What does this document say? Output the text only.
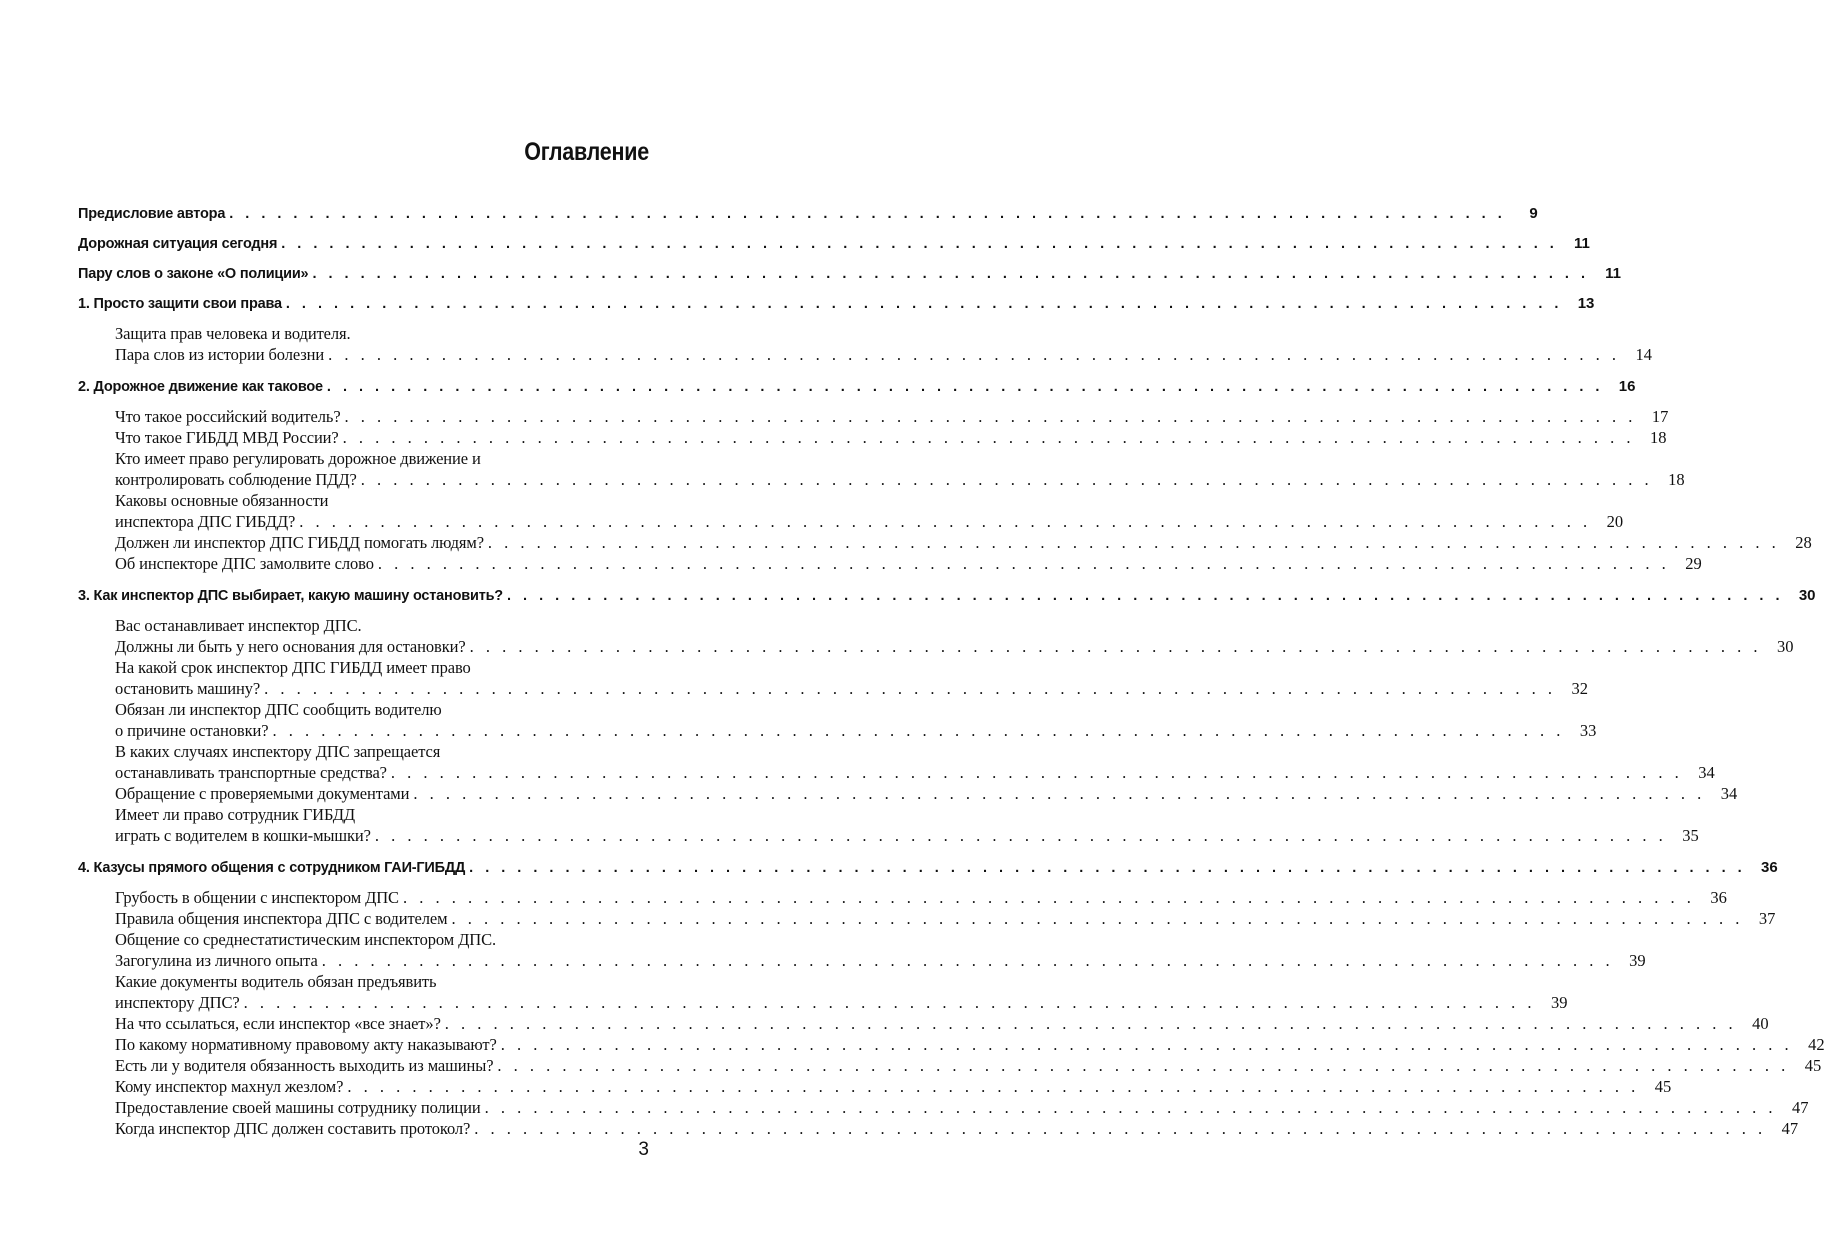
Оглавление
Предисловие автора . . . . . . . . . . . . . . . . . . . . . . . . . . . . . . . . . . . . . . . . . . . . . . . . . . . . . . . . . . . . . . . . . . . . . . . . . . . . . . . .	9
Дорожная ситуация сегодня . . . . . . . . . . . . . . . . . . . . . . . . . . . . . . . . . . . . . . . . . . . . . . . . . . . . . . . . . . . . . . . . . . . . . . . . . . . . . . . .	11
Пару слов о законе «О полиции» . . . . . . . . . . . . . . . . . . . . . . . . . . . . . . . . . . . . . . . . . . . . . . . . . . . . . . . . . . . . . . . . . . . . . . . . . . . . . . . .	11
1. Просто защити свои права . . . . . . . . . . . . . . . . . . . . . . . . . . . . . . . . . . . . . . . . . . . . . . . . . . . . . . . . . . . . . . . . . . . . . . . . . . . . . . . .	13
Защита прав человека и водителя.
Пара слов из истории болезни . . . . . . . . . . . . . . . . . . . . . . . . . . . . . . . . . . . . . . . . . . . . . . . . . . . . . . . . . . . . . . . . . . . . . . . . . . . . . . . . 14
2. Дорожное движение как таковое . . . . . . . . . . . . . . . . . . . . . . . . . . . . . . . . . . . . . . . . . . . . . . . . . . . . . . . . . . . . . . . . . . . . . . . . . . . . . . . .	16
Что такое российский водитель? . . . . . . . . . . . . . . . . . . . . . . . . . . . . . . . . . . . . . . . . . . . . . . . . . . . . . . . . . . . . . . . . . . . . . . . . . . . . . . . . 17
Что такое ГИБДД МВД России? . . . . . . . . . . . . . . . . . . . . . . . . . . . . . . . . . . . . . . . . . . . . . . . . . . . . . . . . . . . . . . . . . . . . . . . . . . . . . . . . 18
Кто имеет право регулировать дорожное движение и
контролировать соблюдение ПДД? . . . . . . . . . . . . . . . . . . . . . . . . . . . . . . . . . . . . . . . . . . . . . . . . . . . . . . . . . . . . . . . . . . . . . . . . . . . . . . . . 18
Каковы основные обязанности
инспектора ДПС ГИБДД? . . . . . . . . . . . . . . . . . . . . . . . . . . . . . . . . . . . . . . . . . . . . . . . . . . . . . . . . . . . . . . . . . . . . . . . . . . . . . . . . 20
Должен ли инспектор ДПС ГИБДД помогать людям? . . . . . . . . . . . . . . . . . . . . . . . . . . . . . . . . . . . . . . . . . . . . . . . . . . . . . . . . . . . . . . . . . . . . . . . . . . . . . . . . 28
Об инспекторе ДПС замолвите слово . . . . . . . . . . . . . . . . . . . . . . . . . . . . . . . . . . . . . . . . . . . . . . . . . . . . . . . . . . . . . . . . . . . . . . . . . . . . . . . . 29
3. Как инспектор ДПС выбирает, какую машину остановить? . . . . . . . . . . . . . . . . . . . . . . . . . . . . . . . . . . . . . . . . . . . . . . . . . . . . . . . . . . . . . . . . . . . . . . . . . . . . . . . .	30
Вас останавливает инспектор ДПС.
Должны ли быть у него основания для остановки? . . . . . . . . . . . . . . . . . . . . . . . . . . . . . . . . . . . . . . . . . . . . . . . . . . . . . . . . . . . . . . . . . . . . . . . . . . . . . . . . 30
На какой срок инспектор ДПС ГИБДД имеет право
остановить машину? . . . . . . . . . . . . . . . . . . . . . . . . . . . . . . . . . . . . . . . . . . . . . . . . . . . . . . . . . . . . . . . . . . . . . . . . . . . . . . . . 32
Обязан ли инспектор ДПС сообщить водителю
о причине остановки? . . . . . . . . . . . . . . . . . . . . . . . . . . . . . . . . . . . . . . . . . . . . . . . . . . . . . . . . . . . . . . . . . . . . . . . . . . . . . . . . 33
В каких случаях инспектору ДПС запрещается
останавливать транспортные средства? . . . . . . . . . . . . . . . . . . . . . . . . . . . . . . . . . . . . . . . . . . . . . . . . . . . . . . . . . . . . . . . . . . . . . . . . . . . . . . . . 34
Обращение с проверяемыми документами . . . . . . . . . . . . . . . . . . . . . . . . . . . . . . . . . . . . . . . . . . . . . . . . . . . . . . . . . . . . . . . . . . . . . . . . . . . . . . . . 34
Имеет ли право сотрудник ГИБДД
играть с водителем в кошки-мышки? . . . . . . . . . . . . . . . . . . . . . . . . . . . . . . . . . . . . . . . . . . . . . . . . . . . . . . . . . . . . . . . . . . . . . . . . . . . . . . . . 35
4. Казусы прямого общения с сотрудником ГАИ-ГИБДД . . . . . . . . . . . . . . . . . . . . . . . . . . . . . . . . . . . . . . . . . . . . . . . . . . . . . . . . . . . . . . . . . . . . . . . . . . . . . . . .	36
Грубость в общении с инспектором ДПС . . . . . . . . . . . . . . . . . . . . . . . . . . . . . . . . . . . . . . . . . . . . . . . . . . . . . . . . . . . . . . . . . . . . . . . . . . . . . . . . 36
Правила общения инспектора ДПС с водителем . . . . . . . . . . . . . . . . . . . . . . . . . . . . . . . . . . . . . . . . . . . . . . . . . . . . . . . . . . . . . . . . . . . . . . . . . . . . . . . . 37
Общение со среднестатистическим инспектором ДПС.
Загогулина из личного опыта . . . . . . . . . . . . . . . . . . . . . . . . . . . . . . . . . . . . . . . . . . . . . . . . . . . . . . . . . . . . . . . . . . . . . . . . . . . . . . . . 39
Какие документы водитель обязан предъявить
инспектору ДПС? . . . . . . . . . . . . . . . . . . . . . . . . . . . . . . . . . . . . . . . . . . . . . . . . . . . . . . . . . . . . . . . . . . . . . . . . . . . . . . . . 39
На что ссылаться, если инспектор «все знает»? . . . . . . . . . . . . . . . . . . . . . . . . . . . . . . . . . . . . . . . . . . . . . . . . . . . . . . . . . . . . . . . . . . . . . . . . . . . . . . . . 40
По какому нормативному правовому акту наказывают? . . . . . . . . . . . . . . . . . . . . . . . . . . . . . . . . . . . . . . . . . . . . . . . . . . . . . . . . . . . . . . . . . . . . . . . . . . . . . . . . 42
Есть ли у водителя обязанность выходить из машины? . . . . . . . . . . . . . . . . . . . . . . . . . . . . . . . . . . . . . . . . . . . . . . . . . . . . . . . . . . . . . . . . . . . . . . . . . . . . . . . . 45
Кому инспектор махнул жезлом? . . . . . . . . . . . . . . . . . . . . . . . . . . . . . . . . . . . . . . . . . . . . . . . . . . . . . . . . . . . . . . . . . . . . . . . . . . . . . . . . 45
Предоставление своей машины сотруднику полиции . . . . . . . . . . . . . . . . . . . . . . . . . . . . . . . . . . . . . . . . . . . . . . . . . . . . . . . . . . . . . . . . . . . . . . . . . . . . . . . . 47
Когда инспектор ДПС должен составить протокол? . . . . . . . . . . . . . . . . . . . . . . . . . . . . . . . . . . . . . . . . . . . . . . . . . . . . . . . . . . . . . . . . . . . . . . . . . . . . . . . . 47
3
